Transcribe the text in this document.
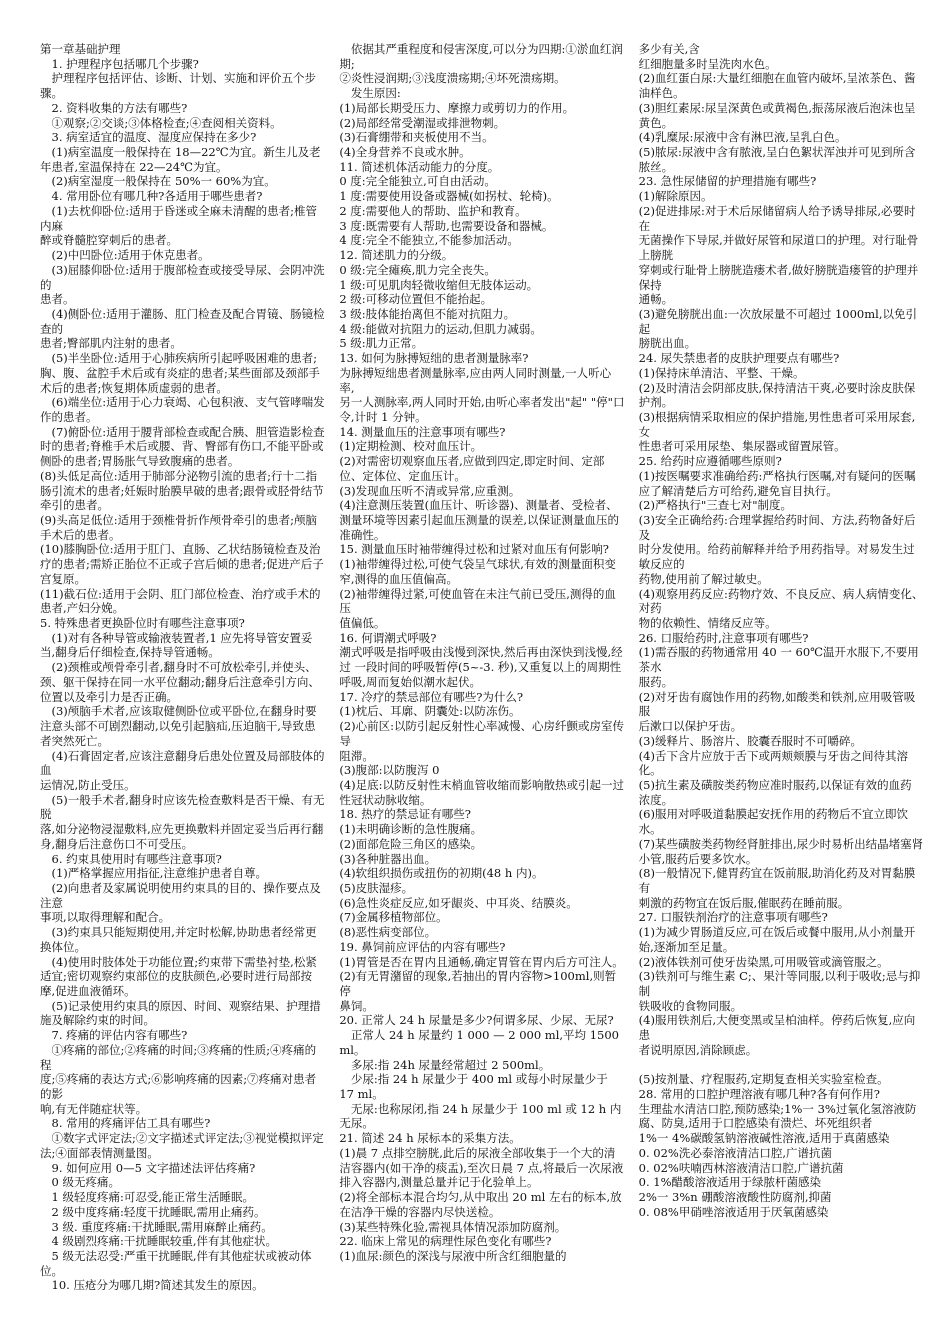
第一章基础护理
　1. 护理程序包括哪几个步骤?
　护理程序包括评估、诊断、计划、实施和评价五个步骤。
　2. 资料收集的方法有哪些?
　①观察;②交谈;③体格检查;④查阅相关资料。
　3. 病室适宜的温度、湿度应保持在多少?
　(1)病室温度一般保持在 18—22℃为宜。新生儿及老年患者,室温保持在 22—24℃为宜。
　(2)病室湿度一般保持在 50%一 60%为宜。
　4. 常用卧位有哪几种?各适用于哪些患者?
　(1)去枕仰卧位:适用于昏迷或全麻未清醒的患者;椎管内麻
醉或脊髓腔穿刺后的患者。
　(2)中凹卧位:适用于休克患者。
　(3)屈膝仰卧位:适用于腹部检查或接受导尿、会阴冲洗的
患者。
　(4)侧卧位:适用于灌肠、肛门检查及配合胃镜、肠镜检查的
患者;臀部肌内注射的患者。
　(5)半坐卧位:适用于心肺疾病所引起呼吸困难的患者;胸、腹、盆腔手术后或有炎症的患者;某些面部及颈部手术后的患者;恢复期体质虚弱的患者。
　(6)端坐位:适用于心力衰竭、心包积液、支气管哮喘发作的患者。
　(7)俯卧位:适用于腰背部检查或配合胰、胆管造影检查时的患者;脊椎手术后或腰、背、臀部有伤口,不能平卧或侧卧的患者;胃肠胀气导致腹痛的患者。
(8)头低足高位:适用于肺部分泌物引流的患者;行十二指肠引流术的患者;妊娠时胎膜早破的患者;跟骨或胫骨结节牵引的患者。
(9)头高足低位:适用于颈椎骨折作颅骨牵引的患者;颅脑手术后的患者。
(10)膝胸卧位:适用于肛门、直肠、乙状结肠镜检查及治疗的患者;需矫正胎位不正或子宫后倾的患者;促进产后子宫复原。
(11)截石位:适用于会阴、肛门部位检查、治疗或手术的患者,产妇分娩。
5. 特殊患者更换卧位时有哪些注意事项?
　(1)对有各种导管或输液装置者,1 应先将导管安置妥当,翻身后仔细检查,保持导管通畅。
　(2)颈椎或颅骨牵引者,翻身时不可放松牵引,并使头、颈、躯干保持在同一水平位翻动;翻身后注意牵引方向、位置以及牵引力是否正确。
　(3)颅脑手术者,应该取健侧卧位或平卧位,在翻身时要注意头部不可剧烈翻动,以免引起脑疝,压迫脑干,导致患者突然死亡。
　(4)石膏固定者,应该注意翻身后患处位置及局部肢体的血
运情况,防止受压。
　(5)一般手术者,翻身时应该先检查敷料是否干燥、有无脱
落,如分泌物浸湿敷料,应先更换敷料并固定妥当后再行翻身,翻身后注意伤口不可受压。
　6. 约束具使用时有哪些注意事项?
　(1)严格掌握应用指征,注意维护患者自尊。
　(2)向患者及家属说明使用约束具的目的、操作要点及注意
事项,以取得理解和配合。
　(3)约束具只能短期使用,并定时松解,协助患者经常更换体位。
　(4)使用时肢体处于功能位置;约束带下需垫衬垫,松紧适宜;密切观察约束部位的皮肤颜色,必要时进行局部按摩,促进血液循环。
　(5)记录使用约束具的原因、时间、观察结果、护理措施及解除约束的时间。
　7. 疼痛的评估内容有哪些?
　①疼痛的部位;②疼痛的时间;③疼痛的性质;④疼痛的程
度;⑤疼痛的表达方式;⑥影响疼痛的因素;⑦疼痛对患者的影
响,有无伴随症状等。
　8. 常用的疼痛评估工具有哪些?
　①数字式评定法;②文字描述式评定法;③视觉模拟评定
法;④面部表情测量图。
　9. 如何应用 0—5 文字描述法评估疼痛?
　0 级无疼痛。
　1 级轻度疼痛:可忍受,能正常生活睡眠。
　2 级中度疼痛:轻度干扰睡眠,需用止痛药。
　3 级. 重度疼痛:干扰睡眠,需用麻醉止痛药。
　4 级剧烈疼痛:干扰睡眠较重,伴有其他症状。
　5 级无法忍受:严重干扰睡眠,伴有其他症状或被动体位。
　10. 压疮分为哪几期?简述其发生的原因。
　依据其严重程度和侵害深度,可以分为四期:①淤血红润期;
②炎性浸润期;③浅度溃疡期;④坏死溃疡期。
　发生原因:
(1)局部长期受压力、摩擦力或剪切力的作用。
(2)局部经常受潮湿或排泄物刺。
(3)石膏绷带和夹板使用不当。
(4)全身营养不良或水肿。
11. 简述机体活动能力的分度。
0 度:完全能独立,可自由活动。
1 度:需要使用设备或器械(如拐杖、轮椅)。
2 度:需要他人的帮助、监护和教育。
3 度:既需要有人帮助,也需要设备和器械。
4 度:完全不能独立,不能参加活动。
12. 简述肌力的分级。
0 级:完全瘫痪,肌力完全丧失。
1 级:可见肌肉轻微收缩但无肢体运动。
2 级:可移动位置但不能抬起。
3 级:肢体能抬离但不能对抗阻力。
4 级:能做对抗阻力的运动,但肌力减弱。
5 级:肌力正常。
13. 如何为脉搏短绌的患者测量脉率?
为脉搏短绌患者测量脉率,应由两人同时测量,一人听心率,
另一人测脉率,两人同时开始,由听心率者发出"起" "停"口令,计时 1 分钟。
14. 测量血压的注意事项有哪些?
(1)定期检测、校对血压计。
(2)对需密切观察血压者,应做到四定,即定时间、定部位、定体位、定血压计。
(3)发现血压听不清或异常,应重测。
(4)注意测压装置(血压计、听诊器)、测量者、受检者、测量环境等因素引起血压测量的误差,以保证测量血压的准确性。
15. 测量血压时袖带缠得过松和过紧对血压有何影响?
(1)袖带缠得过松,可使气袋呈气球状,有效的测量面积变窄,测得的血压值偏高。
(2)袖带缠得过紧,可使血管在未注气前已受压,测得的血压
值偏低。
16. 何谓潮式呼吸?
潮式呼吸是指呼吸由浅慢到深快,然后再由深快到浅慢,经过 一段时间的呼吸暂停(5~-3. 秒),又重复以上的周期性呼吸,周而复始似潮水起伏。
17. 冷疗的禁忌部位有哪些?为什么?
(1)枕后、耳廓、阴囊处:以防冻伤。
(2)心前区:以防引起反射性心率减慢、心房纤颤或房室传导
阻滞。
(3)腹部:以防腹泻 0
(4)足底:以防反射性末梢血管收缩而影响散热或引起一过性冠状动脉收缩。
18. 热疗的禁忌证有哪些?
(1)未明确诊断的急性腹痛。
(2)面部危险三角区的感染。
(3)各种脏器出血。
(4)软组织损伤或扭伤的初期(48 h 内)。
(5)皮肤湿疹。
(6)急性炎症反应,如牙龈炎、中耳炎、结膜炎。
(7)金属移植物部位。
(8)恶性病变部位。
19. 鼻饲前应评估的内容有哪些?
(1)胃管是否在胃内且通畅,确定胃管在胃内后方可注人。
(2)有无胃潴留的现象,若抽出的胃内容物>100ml,则暂停
鼻饲。
20. 正常人 24 h 尿量是多少?何谓多尿、少尿、无尿?
　正常人 24 h 尿量约 1 000 — 2 000 ml,平均 1500 ml。
　多尿:指 24h 尿量经常超过 2 500ml。
　少尿:指 24 h 尿量少于 400 ml 或每小时尿量少于 17 ml。
　无尿:也称尿闭,指 24 h 尿量少于 100 ml 或 12 h 内无尿。
21. 简述 24 h 尿标本的采集方法。
(1)晨 7 点排空膀胱,此后的尿液全部收集于一个大的清洁容器内(如干净的痰盂),至次日晨 7 点,将最后一次尿液排入容器内,测量总量并记于化验单上。
(2)将全部标本混合均匀,从中取出 20 ml 左右的标本,放在洁净干燥的容器内尽快送检。
(3)某些特殊化验,需视具体情况添加防腐剂。
22. 临床上常见的病理性尿色变化有哪些?
(1)血尿:颜色的深浅与尿液中所含红细胞量的
多少有关,含
红细胞量多时呈洗肉水色。
(2)血红蛋白尿:大量红细胞在血管内破坏,呈浓茶色、酱油样色。
(3)胆红素尿:尿呈深黄色或黄褐色,振荡尿液后泡沫也呈
黄色。
(4)乳糜尿:尿液中含有淋巴液,呈乳白色。
(5)脓尿:尿液中含有脓液,呈白色絮状浑浊并可见到所含
脓丝。
23. 急性尿储留的护理措施有哪些?
(1)解除原因。
(2)促进排尿:对于术后尿储留病人给予诱导排尿,必要时在
无菌操作下导尿,并做好尿管和尿道口的护理。对行耻骨上膀胱
穿刺或行耻骨上膀胱造瘘术者,做好膀胱造瘘管的护理并保持
通畅。
(3)避免膀胱出血:一次放尿量不可超过 1000ml,以免引起
膀胱出血。
24. 尿失禁患者的皮肤护理要点有哪些?
(1)保持床单清洁、平整、干燥。
(2)及时清洁会阴部皮肤,保持清洁干爽,必要时涂皮肤保护剂。
(3)根据病情采取相应的保护措施,男性患者可采用尿套,女
性患者可采用尿垫、集尿器或留置尿管。
25. 给药时应遵循哪些原则?
(1)按医嘱要求准确给药:严格执行医嘱,对有疑问的医嘱应了解清楚后方可给药,避免盲目执行。
(2)严格执行"三查七对"制度。
(3)安全正确给药:合理掌握给药时间、方法,药物备好后及
时分发使用。给药前解释并给予用药指导。对易发生过敏反应的
药物,使用前了解过敏史。
(4)观察用药反应:药物疗效、不良反应、病人病情变化、对药
物的依赖性、情绪反应等。
26. 口服给药时,注意事项有哪些?
(1)需吞服的药物通常用 40 一 60℃温开水服下,不要用茶水
服药。
(2)对牙齿有腐蚀作用的药物,如酸类和铁剂,应用吸管吸服
后漱口以保护牙齿。
(3)缓释片、肠溶片、胶囊吞服时不可嚼碎。
(4)舌下含片应放于舌下或两颊颊膜与牙齿之间待其溶化。
(5)抗生素及磺胺类药物应准时服药,以保证有效的血药
浓度。
(6)服用对呼吸道黏膜起安抚作用的药物后不宜立即饮水。
(7)某些磺胺类药物经肾脏排出,尿少时易析出结晶堵塞肾
小管,服药后要多饮水。
(8)一般情况下,健胃药宜在饭前服,助消化药及对胃黏膜有
刺激的药物宜在饭后服,催眠药在睡前服。
27. 口服铁剂治疗的注意事项有哪些?
(1)为减少胃肠道反应,可在饭后或餐中服用,从小剂量开
始,逐渐加至足量。
(2)液体铁剂可使牙齿染黑,可用吸管或滴管服之。
(3)铁剂可与维生素 C;、果汁等同服,以利于吸收;忌与抑制
铁吸收的食物同服。
(4)服用铁剂后,大便变黑或呈柏油样。停药后恢复,应向患
者说明原因,消除顾虑。
(5)按剂量、疗程服药,定期复查相关实验室检查。
28. 常用的口腔护理溶液有哪几种?各有何作用?
生理盐水清洁口腔,预防感染;1%一 3%过氧化氢溶液防腐、防臭,适用于口腔感染有溃烂、坏死组织者
1%一 4%碳酸氢钠溶液碱性溶液,适用于真菌感染
0. 02%洗必泰溶液清洁口腔,广谱抗菌
0. 02%呋喃西林溶液清洁口腔,广谱抗菌
0. 1%醋酸溶液适用于绿脓杆菌感染
2%一 3%n 硼酸溶液酸性防腐剂,抑菌
0. 08%甲硝唑溶液适用于厌氧菌感染
